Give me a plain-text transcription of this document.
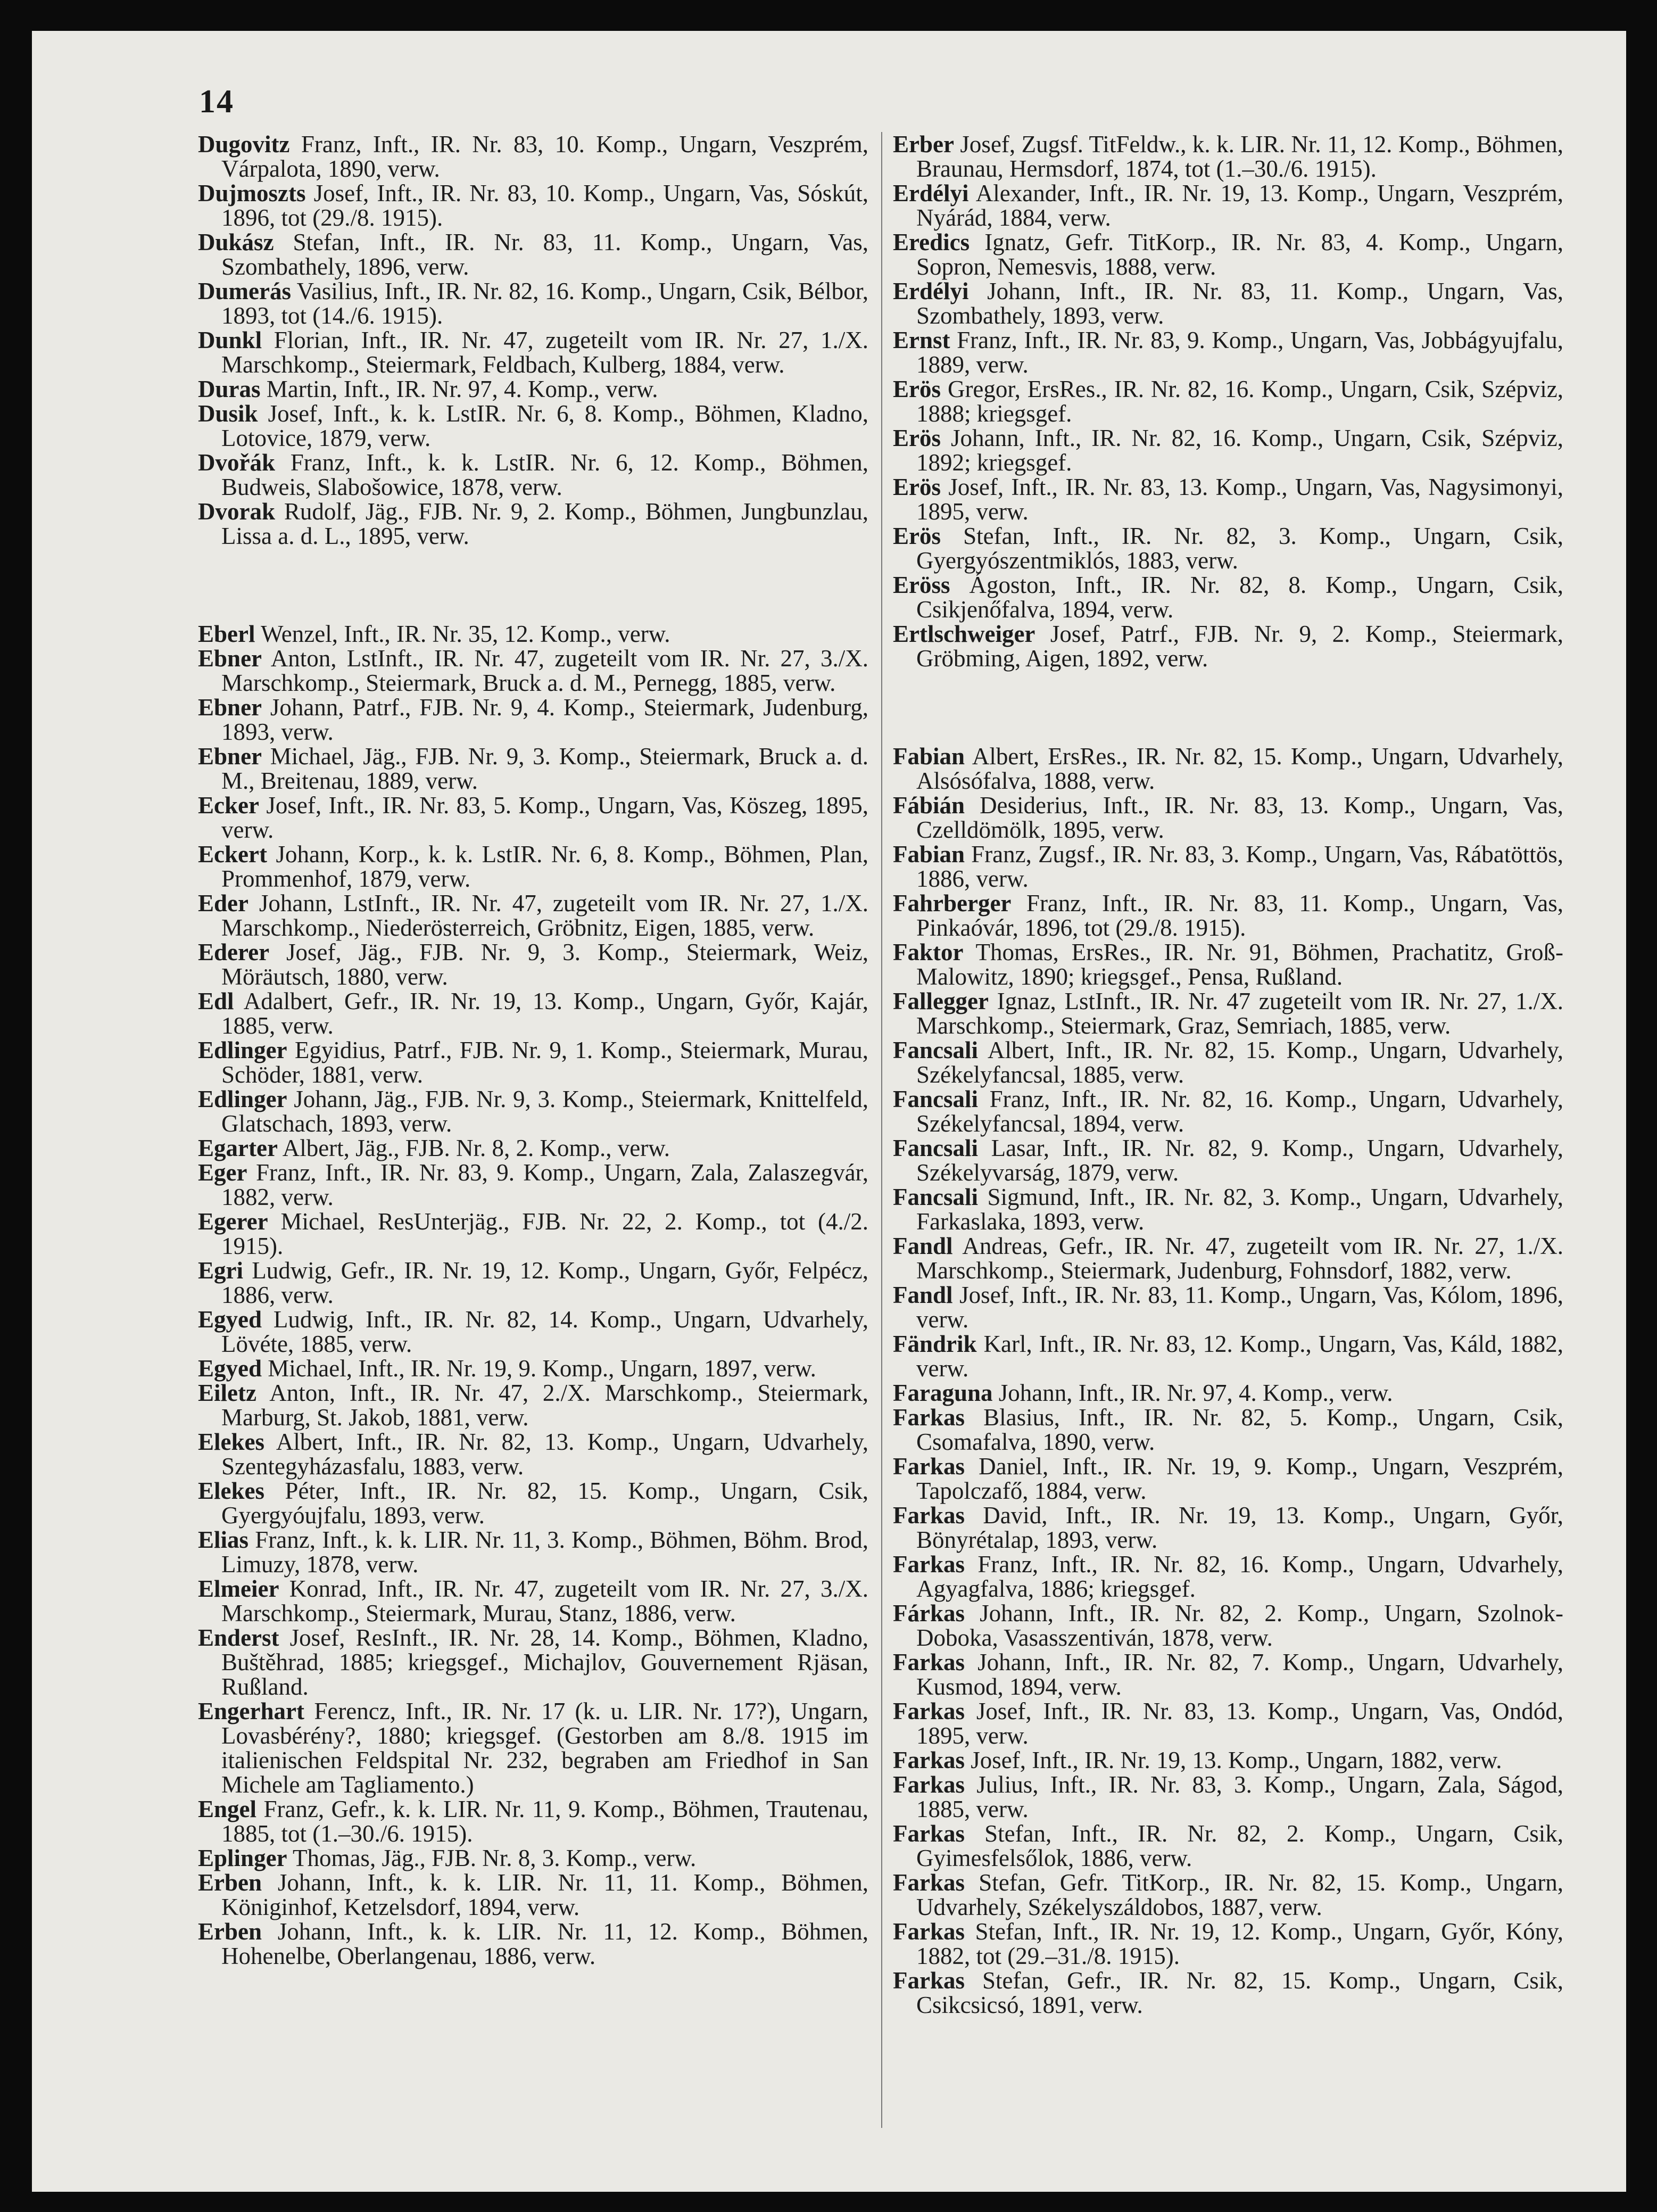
14
Dugovitz Franz, Inft., IR. Nr. 83, 10. Komp., Ungarn, Veszprém, Várpalota, 1890, verw.
Dujmoszts Josef, Inft., IR. Nr. 83, 10. Komp., Ungarn, Vas, Sóskút, 1896, tot (29./8. 1915).
Dukász Stefan, Inft., IR. Nr. 83, 11. Komp., Ungarn, Vas, Szombathely, 1896, verw.
Dumerás Vasilius, Inft., IR. Nr. 82, 16. Komp., Ungarn, Csik, Bélbor, 1893, tot (14./6. 1915).
Dunkl Florian, Inft., IR. Nr. 47, zugeteilt vom IR. Nr. 27, 1./X. Marschkomp., Steiermark, Feldbach, Kulberg, 1884, verw.
Duras Martin, Inft., IR. Nr. 97, 4. Komp., verw.
Dusik Josef, Inft., k. k. LstIR. Nr. 6, 8. Komp., Böhmen, Kladno, Lotovice, 1879, verw.
Dvořák Franz, Inft., k. k. LstIR. Nr. 6, 12. Komp., Böhmen, Budweis, Slabošowice, 1878, verw.
Dvorak Rudolf, Jäg., FJB. Nr. 9, 2. Komp., Böhmen, Jungbunzlau, Lissa a. d. L., 1895, verw.
Eberl Wenzel, Inft., IR. Nr. 35, 12. Komp., verw.
Ebner Anton, LstInft., IR. Nr. 47, zugeteilt vom IR. Nr. 27, 3./X. Marschkomp., Steiermark, Bruck a. d. M., Pernegg, 1885, verw.
Ebner Johann, Patrf., FJB. Nr. 9, 4. Komp., Steiermark, Judenburg, 1893, verw.
Ebner Michael, Jäg., FJB. Nr. 9, 3. Komp., Steiermark, Bruck a. d. M., Breitenau, 1889, verw.
Ecker Josef, Inft., IR. Nr. 83, 5. Komp., Ungarn, Vas, Köszeg, 1895, verw.
Eckert Johann, Korp., k. k. LstIR. Nr. 6, 8. Komp., Böhmen, Plan, Prommenhof, 1879, verw.
Eder Johann, LstInft., IR. Nr. 47, zugeteilt vom IR. Nr. 27, 1./X. Marschkomp., Niederösterreich, Gröbnitz, Eigen, 1885, verw.
Ederer Josef, Jäg., FJB. Nr. 9, 3. Komp., Steiermark, Weiz, Möräutsch, 1880, verw.
Edl Adalbert, Gefr., IR. Nr. 19, 13. Komp., Ungarn, Győr, Kajár, 1885, verw.
Edlinger Egyidius, Patrf., FJB. Nr. 9, 1. Komp., Steiermark, Murau, Schöder, 1881, verw.
Edlinger Johann, Jäg., FJB. Nr. 9, 3. Komp., Steiermark, Knittelfeld, Glatschach, 1893, verw.
Egarter Albert, Jäg., FJB. Nr. 8, 2. Komp., verw.
Eger Franz, Inft., IR. Nr. 83, 9. Komp., Ungarn, Zala, Zalaszegvár, 1882, verw.
Egerer Michael, ResUnterjäg., FJB. Nr. 22, 2. Komp., tot (4./2. 1915).
Egri Ludwig, Gefr., IR. Nr. 19, 12. Komp., Ungarn, Győr, Felpécz, 1886, verw.
Egyed Ludwig, Inft., IR. Nr. 82, 14. Komp., Ungarn, Udvarhely, Lövéte, 1885, verw.
Egyed Michael, Inft., IR. Nr. 19, 9. Komp., Ungarn, 1897, verw.
Eiletz Anton, Inft., IR. Nr. 47, 2./X. Marschkomp., Steiermark, Marburg, St. Jakob, 1881, verw.
Elekes Albert, Inft., IR. Nr. 82, 13. Komp., Ungarn, Udvarhely, Szentegyházasfalu, 1883, verw.
Elekes Péter, Inft., IR. Nr. 82, 15. Komp., Ungarn, Csik, Gyergyóujfalu, 1893, verw.
Elias Franz, Inft., k. k. LIR. Nr. 11, 3. Komp., Böhmen, Böhm. Brod, Limuzy, 1878, verw.
Elmeier Konrad, Inft., IR. Nr. 47, zugeteilt vom IR. Nr. 27, 3./X. Marschkomp., Steiermark, Murau, Stanz, 1886, verw.
Enderst Josef, ResInft., IR. Nr. 28, 14. Komp., Böhmen, Kladno, Buštěhrad, 1885; kriegsgef., Michajlov, Gouvernement Rjäsan, Rußland.
Engerhart Ferencz, Inft., IR. Nr. 17 (k. u. LIR. Nr. 17?), Ungarn, Lovasbérény?, 1880; kriegsgef. (Gestorben am 8./8. 1915 im italienischen Feldspital Nr. 232, begraben am Friedhof in San Michele am Tagliamento.)
Engel Franz, Gefr., k. k. LIR. Nr. 11, 9. Komp., Böhmen, Trautenau, 1885, tot (1.–30./6. 1915).
Eplinger Thomas, Jäg., FJB. Nr. 8, 3. Komp., verw.
Erben Johann, Inft., k. k. LIR. Nr. 11, 11. Komp., Böhmen, Königinhof, Ketzelsdorf, 1894, verw.
Erben Johann, Inft., k. k. LIR. Nr. 11, 12. Komp., Böhmen, Hohenelbe, Oberlangenau, 1886, verw.
Erber Josef, Zugsf. TitFeldw., k. k. LIR. Nr. 11, 12. Komp., Böhmen, Braunau, Hermsdorf, 1874, tot (1.–30./6. 1915).
Erdélyi Alexander, Inft., IR. Nr. 19, 13. Komp., Ungarn, Veszprém, Nyárád, 1884, verw.
Eredics Ignatz, Gefr. TitKorp., IR. Nr. 83, 4. Komp., Ungarn, Sopron, Nemesvis, 1888, verw.
Erdélyi Johann, Inft., IR. Nr. 83, 11. Komp., Ungarn, Vas, Szombathely, 1893, verw.
Ernst Franz, Inft., IR. Nr. 83, 9. Komp., Ungarn, Vas, Jobbágyujfalu, 1889, verw.
Erös Gregor, ErsRes., IR. Nr. 82, 16. Komp., Ungarn, Csik, Szépviz, 1888; kriegsgef.
Erös Johann, Inft., IR. Nr. 82, 16. Komp., Ungarn, Csik, Szépviz, 1892; kriegsgef.
Erös Josef, Inft., IR. Nr. 83, 13. Komp., Ungarn, Vas, Nagysimonyi, 1895, verw.
Erös Stefan, Inft., IR. Nr. 82, 3. Komp., Ungarn, Csik, Gyergyószentmiklós, 1883, verw.
Eröss Ágoston, Inft., IR. Nr. 82, 8. Komp., Ungarn, Csik, Csikjenőfalva, 1894, verw.
Ertlschweiger Josef, Patrf., FJB. Nr. 9, 2. Komp., Steiermark, Gröbming, Aigen, 1892, verw.
Fabian Albert, ErsRes., IR. Nr. 82, 15. Komp., Ungarn, Udvarhely, Alsósófalva, 1888, verw.
Fábián Desiderius, Inft., IR. Nr. 83, 13. Komp., Ungarn, Vas, Czelldömölk, 1895, verw.
Fabian Franz, Zugsf., IR. Nr. 83, 3. Komp., Ungarn, Vas, Rábatöttös, 1886, verw.
Fahrberger Franz, Inft., IR. Nr. 83, 11. Komp., Ungarn, Vas, Pinkaóvár, 1896, tot (29./8. 1915).
Faktor Thomas, ErsRes., IR. Nr. 91, Böhmen, Prachatitz, Groß-Malowitz, 1890; kriegsgef., Pensa, Rußland.
Fallegger Ignaz, LstInft., IR. Nr. 47 zugeteilt vom IR. Nr. 27, 1./X. Marschkomp., Steiermark, Graz, Semriach, 1885, verw.
Fancsali Albert, Inft., IR. Nr. 82, 15. Komp., Ungarn, Udvarhely, Székelyfancsal, 1885, verw.
Fancsali Franz, Inft., IR. Nr. 82, 16. Komp., Ungarn, Udvarhely, Székelyfancsal, 1894, verw.
Fancsali Lasar, Inft., IR. Nr. 82, 9. Komp., Ungarn, Udvarhely, Székelyvarság, 1879, verw.
Fancsali Sigmund, Inft., IR. Nr. 82, 3. Komp., Ungarn, Udvarhely, Farkaslaka, 1893, verw.
Fandl Andreas, Gefr., IR. Nr. 47, zugeteilt vom IR. Nr. 27, 1./X. Marschkomp., Steiermark, Judenburg, Fohnsdorf, 1882, verw.
Fandl Josef, Inft., IR. Nr. 83, 11. Komp., Ungarn, Vas, Kólom, 1896, verw.
Fändrik Karl, Inft., IR. Nr. 83, 12. Komp., Ungarn, Vas, Káld, 1882, verw.
Faraguna Johann, Inft., IR. Nr. 97, 4. Komp., verw.
Farkas Blasius, Inft., IR. Nr. 82, 5. Komp., Ungarn, Csik, Csomafalva, 1890, verw.
Farkas Daniel, Inft., IR. Nr. 19, 9. Komp., Ungarn, Veszprém, Tapolczafő, 1884, verw.
Farkas David, Inft., IR. Nr. 19, 13. Komp., Ungarn, Győr, Bönyrétalap, 1893, verw.
Farkas Franz, Inft., IR. Nr. 82, 16. Komp., Ungarn, Udvarhely, Agyagfalva, 1886; kriegsgef.
Fárkas Johann, Inft., IR. Nr. 82, 2. Komp., Ungarn, Szolnok-Doboka, Vasasszentiván, 1878, verw.
Farkas Johann, Inft., IR. Nr. 82, 7. Komp., Ungarn, Udvarhely, Kusmod, 1894, verw.
Farkas Josef, Inft., IR. Nr. 83, 13. Komp., Ungarn, Vas, Ondód, 1895, verw.
Farkas Josef, Inft., IR. Nr. 19, 13. Komp., Ungarn, 1882, verw.
Farkas Julius, Inft., IR. Nr. 83, 3. Komp., Ungarn, Zala, Ságod, 1885, verw.
Farkas Stefan, Inft., IR. Nr. 82, 2. Komp., Ungarn, Csik, Gyimesfelsőlok, 1886, verw.
Farkas Stefan, Gefr. TitKorp., IR. Nr. 82, 15. Komp., Ungarn, Udvarhely, Székelyszáldobos, 1887, verw.
Farkas Stefan, Inft., IR. Nr. 19, 12. Komp., Ungarn, Győr, Kóny, 1882, tot (29.–31./8. 1915).
Farkas Stefan, Gefr., IR. Nr. 82, 15. Komp., Ungarn, Csik, Csikcsicsó, 1891, verw.
